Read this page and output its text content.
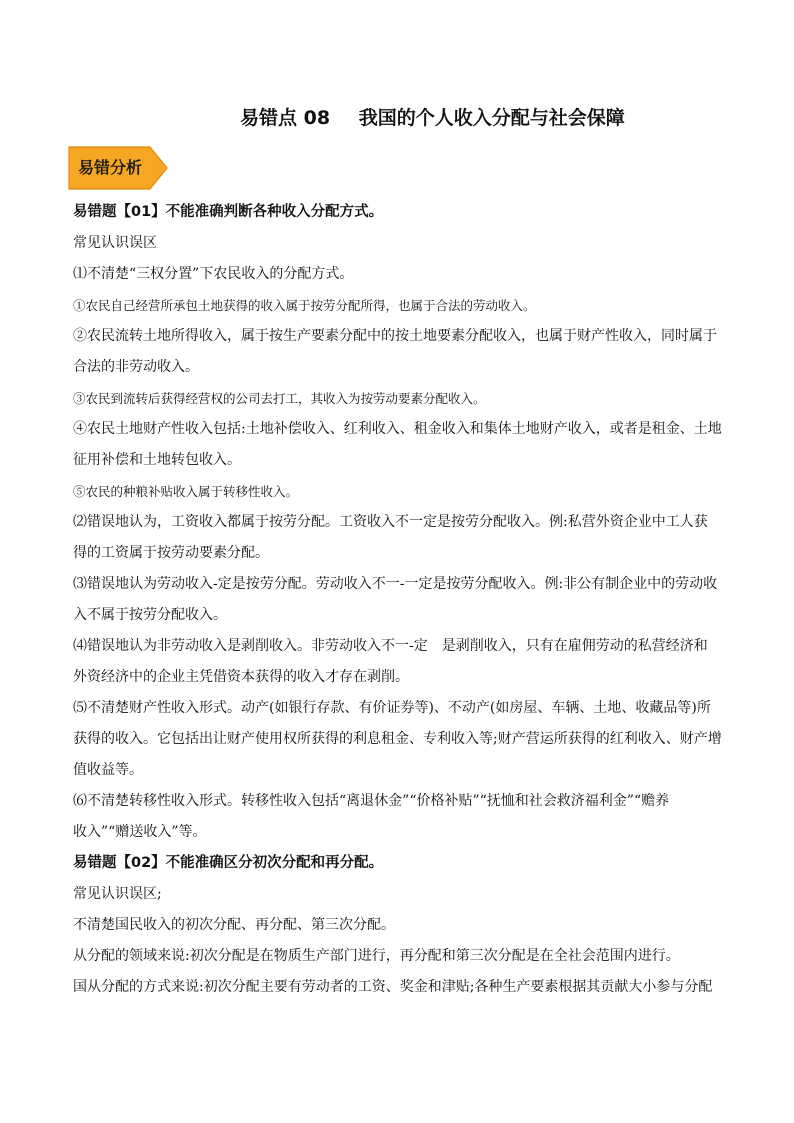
易错点 08 我国的个人收入分配与社会保障
易错分析
易错题【01】不能准确判断各种收入分配方式。
常见认识误区
⑴不清楚“三权分置”下农民收入的分配方式。
①农民自己经营所承包土地获得的收入属于按劳分配所得，也属于合法的劳动收入。
②农民流转土地所得收入，属于按生产要素分配中的按土地要素分配收入，也属于财产性收入，同时属于
合法的非劳动收入。
③农民到流转后获得经营权的公司去打工，其收入为按劳动要素分配收入。
④农民土地财产性收入包括:土地补偿收入、红利收入、租金收入和集体土地财产收入，或者是租金、土地
征用补偿和土地转包收入。
⑤农民的种粮补贴收入属于转移性收入。
⑵错误地认为，工资收入都属于按劳分配。工资收入不一定是按劳分配收入。例:私营外资企业中工人获
得的工资属于按劳动要素分配。
⑶错误地认为劳动收入-定是按劳分配。劳动收入不一-一定是按劳分配收入。例:非公有制企业中的劳动收
入不属于按劳分配收入。
⑷错误地认为非劳动收入是剥削收入。非劳动收入不一-定　是剥削收入，只有在雇佣劳动的私营经济和
外资经济中的企业主凭借资本获得的收入才存在剥削。
⑸不清楚财产性收入形式。动产(如银行存款、有价证券等)、不动产(如房屋、车辆、土地、收藏品等)所
获得的收入。它包括出让财产使用权所获得的利息租金、专利收入等;财产营运所获得的红利收入、财产增
值收益等。
⑹不清楚转移性收入形式。转移性收入包括“离退休金”“价格补贴”“抚恤和社会救济福利金”“赡养
收入”“赠送收入”等。
易错题【02】不能准确区分初次分配和再分配。
常见认识误区;
不清楚国民收入的初次分配、再分配、第三次分配。
从分配的领域来说:初次分配是在物质生产部门进行，再分配和第三次分配是在全社会范围内进行。
国从分配的方式来说:初次分配主要有劳动者的工资、奖金和津贴;各种生产要素根据其贡献大小参与分配
